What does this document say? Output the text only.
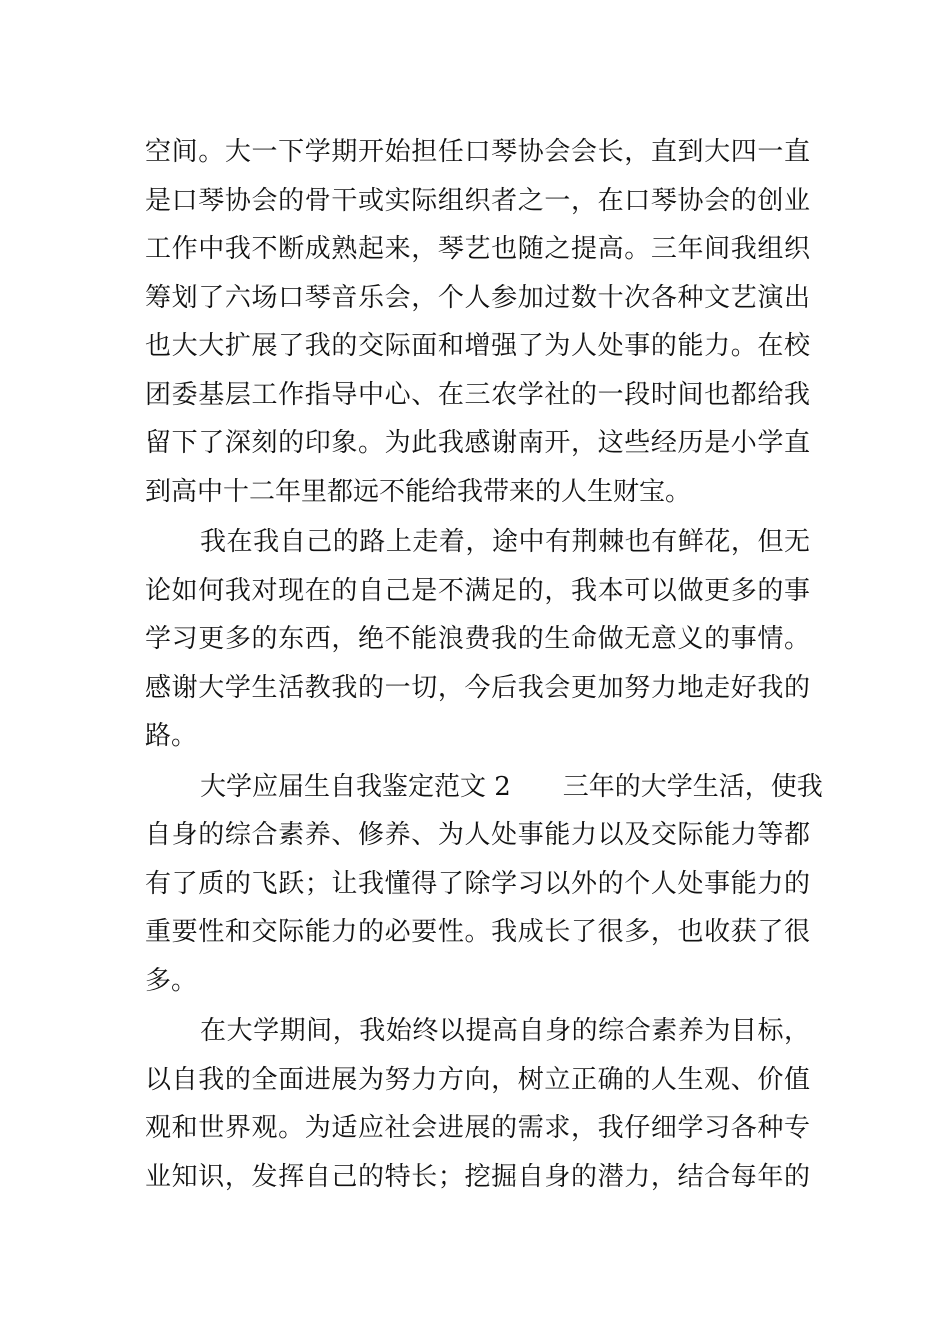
空间。大一下学期开始担任口琴协会会长，直到大四一直
是口琴协会的骨干或实际组织者之一，在口琴协会的创业
工作中我不断成熟起来，琴艺也随之提高。三年间我组织
筹划了六场口琴音乐会，个人参加过数十次各种文艺演出
也大大扩展了我的交际面和增强了为人处事的能力。在校
团委基层工作指导中心、在三农学社的一段时间也都给我
留下了深刻的印象。为此我感谢南开，这些经历是小学直
到高中十二年里都远不能给我带来的人生财宝。
我在我自己的路上走着，途中有荆棘也有鲜花，但无
论如何我对现在的自己是不满足的，我本可以做更多的事
学习更多的东西，绝不能浪费我的生命做无意义的事情。
感谢大学生活教我的一切，今后我会更加努力地走好我的
路。
大学应届生自我鉴定范文 2　　三年的大学生活，使我
自身的综合素养、修养、为人处事能力以及交际能力等都
有了质的飞跃；让我懂得了除学习以外的个人处事能力的
重要性和交际能力的必要性。我成长了很多，也收获了很
多。
在大学期间，我始终以提高自身的综合素养为目标，
以自我的全面进展为努力方向，树立正确的人生观、价值
观和世界观。为适应社会进展的需求，我仔细学习各种专
业知识，发挥自己的特长；挖掘自身的潜力，结合每年的
